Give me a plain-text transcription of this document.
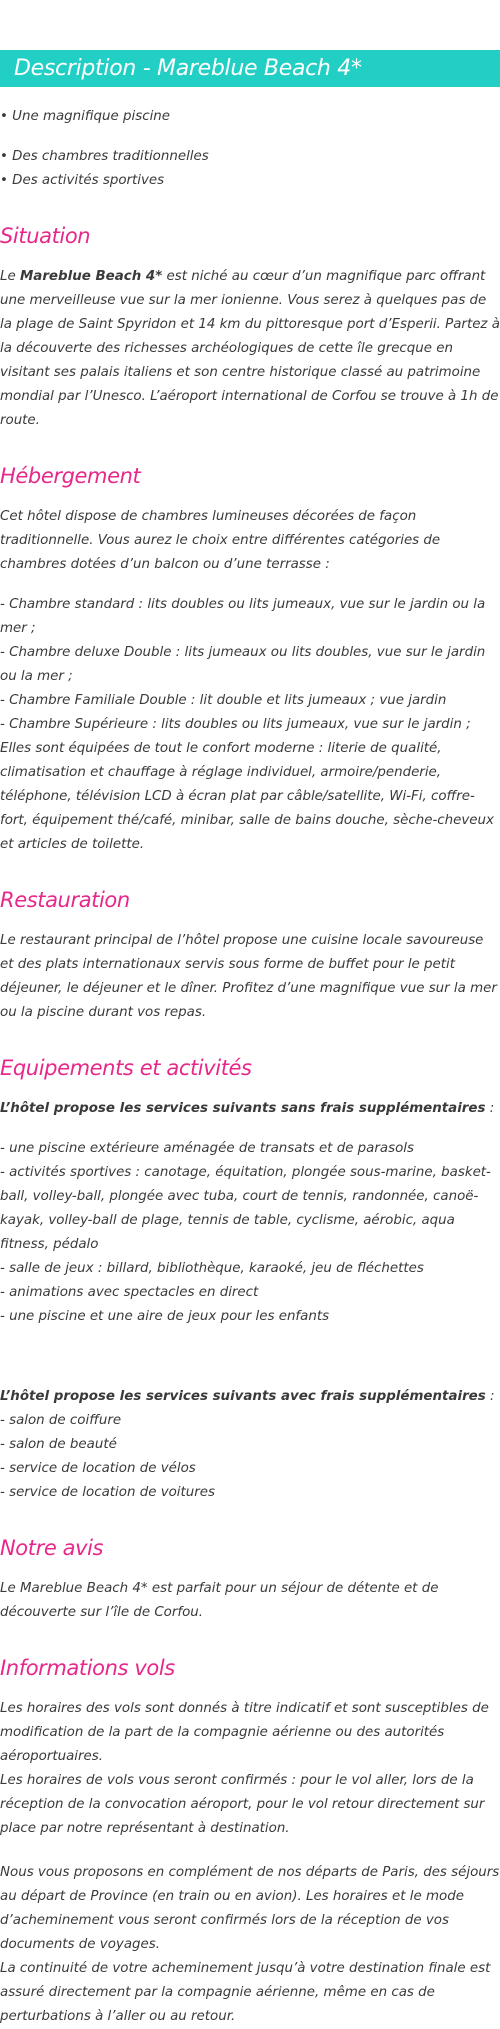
Description - Mareblue Beach 4*

• Une magnifique piscine

• Des chambres traditionnelles

• Des activités sportives

Situation

Le Mareblue Beach 4* est niché au cœur d’un magnifique parc offrant une merveilleuse vue sur la mer ionienne. Vous serez à quelques pas de la plage de Saint Spyridon et 14 km du pittoresque port d’Esperii. Partez à la découverte des richesses archéologiques de cette île grecque en visitant ses palais italiens et son centre historique classé au patrimoine mondial par l’Unesco. L’aéroport international de Corfou se trouve à 1h de route.

Hébergement

Cet hôtel dispose de chambres lumineuses décorées de façon traditionnelle. Vous aurez le choix entre différentes catégories de chambres dotées d’un balcon ou d’une terrasse :

- Chambre standard : lits doubles ou lits jumeaux, vue sur le jardin ou la mer ;

- Chambre deluxe Double : lits jumeaux ou lits doubles, vue sur le jardin ou la mer ;

- Chambre Familiale Double : lit double et lits jumeaux ; vue jardin

- Chambre Supérieure : lits doubles ou lits jumeaux, vue sur le jardin ;

Elles sont équipées de tout le confort moderne : literie de qualité, climatisation et chauffage à réglage individuel, armoire/penderie, téléphone, télévision LCD à écran plat par câble/satellite, Wi-Fi, coffre-fort, équipement thé/café, minibar, salle de bains douche, sèche-cheveux et articles de toilette.

Restauration

Le restaurant principal de l’hôtel propose une cuisine locale savoureuse et des plats internationaux servis sous forme de buffet pour le petit déjeuner, le déjeuner et le dîner. Profitez d’une magnifique vue sur la mer ou la piscine durant vos repas.

Equipements et activités

L’hôtel propose les services suivants sans frais supplémentaires :

- une piscine extérieure aménagée de transats et de parasols

- activités sportives : canotage, équitation, plongée sous-marine, basket-ball, volley-ball, plongée avec tuba, court de tennis, randonnée, canoë-kayak, volley-ball de plage, tennis de table, cyclisme, aérobic, aqua fitness, pédalo

- salle de jeux : billard, bibliothèque, karaoké, jeu de fléchettes

- animations avec spectacles en direct

- une piscine et une aire de jeux pour les enfants

L’hôtel propose les services suivants avec frais supplémentaires :

- salon de coiffure

- salon de beauté

- service de location de vélos

- service de location de voitures

Notre avis

Le Mareblue Beach 4* est parfait pour un séjour de détente et de découverte sur l’île de Corfou.

Informations vols

Les horaires des vols sont donnés à titre indicatif et sont susceptibles de modification de la part de la compagnie aérienne ou des autorités aéroportuaires.

Les horaires de vols vous seront confirmés : pour le vol aller, lors de la réception de la convocation aéroport, pour le vol retour directement sur place par notre représentant à destination.

Nous vous proposons en complément de nos départs de Paris, des séjours au départ de Province (en train ou en avion). Les horaires et le mode d’acheminement vous seront confirmés lors de la réception de vos documents de voyages.

La continuité de votre acheminement jusqu’à votre destination finale est assuré directement par la compagnie aérienne, même en cas de perturbations à l’aller ou au retour.
